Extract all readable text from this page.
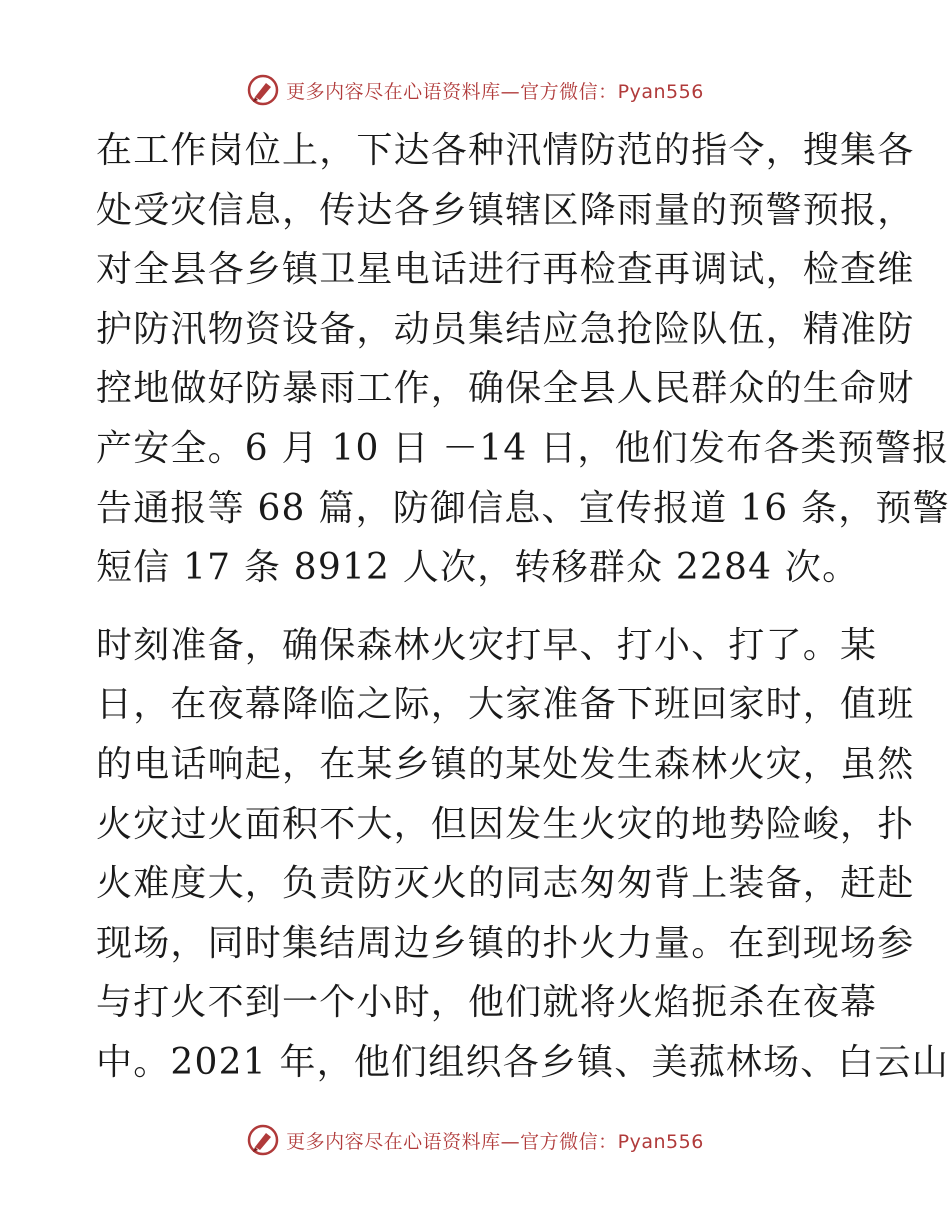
更多内容尽在心语资料库—官方微信：Pyan556
在工作岗位上，下达各种汛情防范的指令，搜集各
处受灾信息，传达各乡镇辖区降雨量的预警预报，
对全县各乡镇卫星电话进行再检查再调试，检查维
护防汛物资设备，动员集结应急抢险队伍，精准防
控地做好防暴雨工作，确保全县人民群众的生命财
产安全。6 月 10 日 －14 日，他们发布各类预警报
告通报等 68 篇，防御信息、宣传报道 16 条，预警
短信 17 条 8912 人次，转移群众 2284 次。
时刻准备，确保森林火灾打早、打小、打了。某
日，在夜幕降临之际，大家准备下班回家时，值班
的电话响起，在某乡镇的某处发生森林火灾，虽然
火灾过火面积不大，但因发生火灾的地势险峻，扑
火难度大，负责防灭火的同志匆匆背上装备，赶赴
现场，同时集结周边乡镇的扑火力量。在到现场参
与打火不到一个小时，他们就将火焰扼杀在夜幕
中。2021 年，他们组织各乡镇、美菰林场、白云山
更多内容尽在心语资料库—官方微信：Pyan556
